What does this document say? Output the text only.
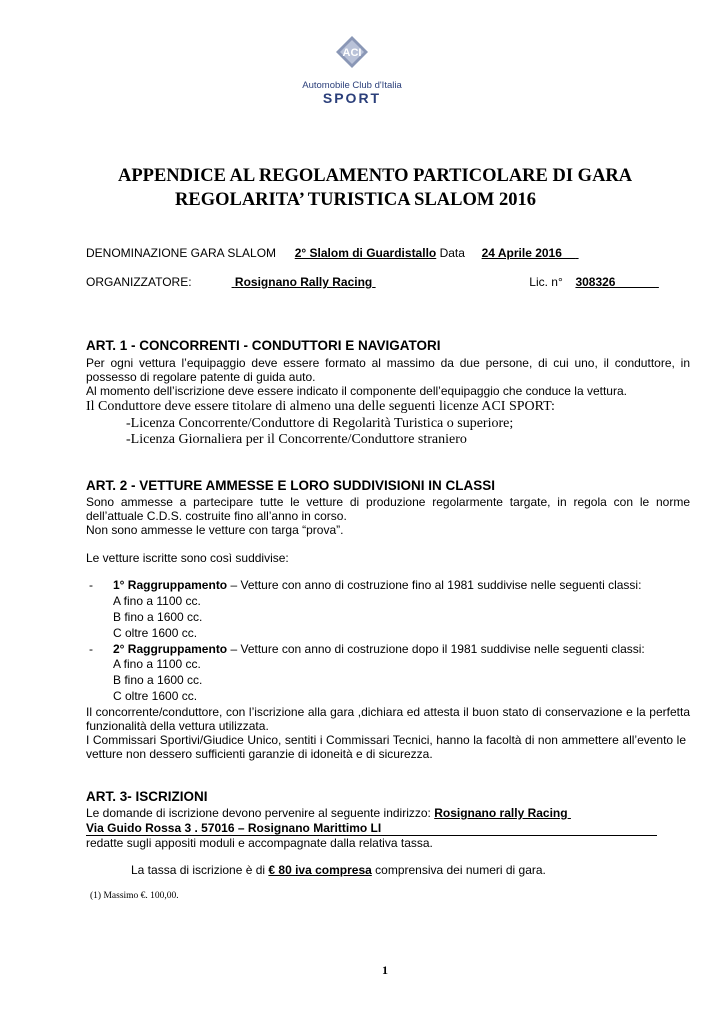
ACI
Automobile Club d'Italia
SPORT
APPENDICE AL REGOLAMENTO PARTICOLARE DI GARA
REGOLARITA’ TURISTICA SLALOM 2016
DENOMINAZIONE GARA SLALOM 2° Slalom di Guardistallo Data 24 Aprile 2016__
ORGANIZZATORE:	Rosignano Rally Racing	Lic. n° 308326______
ART. 1 - CONCORRENTI - CONDUTTORI E NAVIGATORI
Per ogni vettura l’equipaggio deve essere formato al massimo da due persone, di cui uno, il conduttore, in possesso di regolare patente di guida auto.
Al momento dell’iscrizione deve essere indicato il componente dell’equipaggio che conduce la vettura.
Il Conduttore deve essere titolare di almeno una delle seguenti licenze ACI SPORT:
-Licenza Concorrente/Conduttore di Regolarità Turistica o superiore;
-Licenza Giornaliera per il Concorrente/Conduttore straniero
ART. 2 - VETTURE AMMESSE E LORO SUDDIVISIONI IN CLASSI
Sono ammesse a partecipare tutte le vetture di produzione regolarmente targate, in regola con le norme dell’attuale C.D.S. costruite fino all’anno in corso.
Non sono ammesse le vetture con targa “prova”.
Le vetture iscritte sono così suddivise:
- 1° Raggruppamento – Vetture con anno di costruzione fino al 1981 suddivise nelle seguenti classi:
A fino a 1100 cc.
B fino a 1600 cc.
C oltre 1600 cc.
- 2° Raggruppamento – Vetture con anno di costruzione dopo il 1981 suddivise nelle seguenti classi:
A fino a 1100 cc.
B fino a 1600 cc.
C oltre 1600 cc.
Il concorrente/conduttore, con l’iscrizione alla gara ,dichiara ed attesta il buon stato di conservazione e la perfetta funzionalità della vettura utilizzata.
I Commissari Sportivi/Giudice Unico, sentiti i Commissari Tecnici, hanno la facoltà di non ammettere all’evento le vetture non dessero sufficienti garanzie di idoneità e di sicurezza.
ART. 3- ISCRIZIONI
Le domande di iscrizione devono pervenire al seguente indirizzo: Rosignano rally Racing
Via Guido Rossa 3 . 57016 – Rosignano Marittimo LI
redatte sugli appositi moduli e accompagnate dalla relativa tassa.
La tassa di iscrizione è di € 80 iva compresa comprensiva dei numeri di gara.
(1) Massimo €. 100,00.
1
